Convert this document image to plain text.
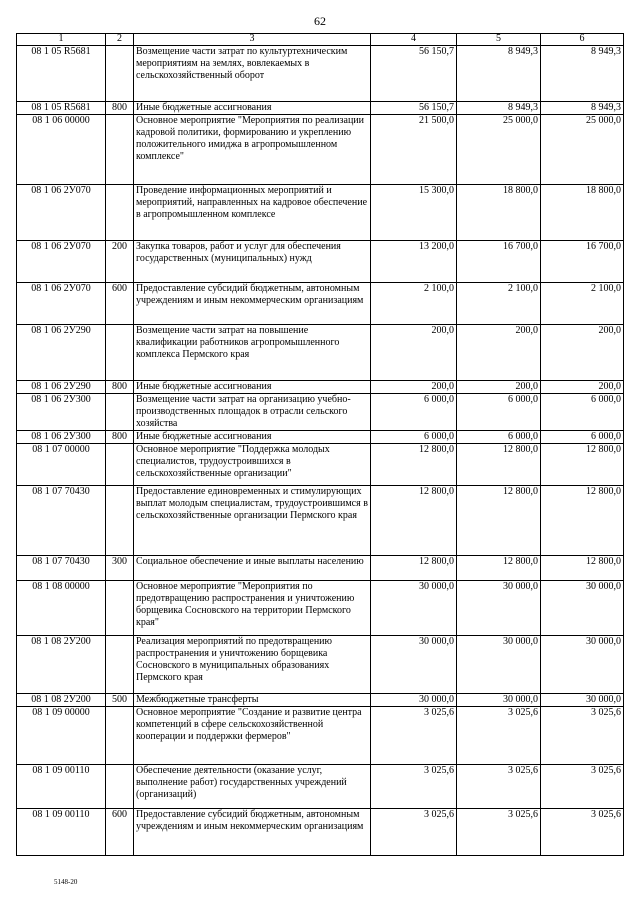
62
1	2	3	4	5	6
08 1 05 R5681		Возмещение части затрат по культуртехническим мероприятиям на землях, вовлекаемых в сельскохозяйственный оборот	56 150,7	8 949,3	8 949,3
08 1 05 R5681	800	Иные бюджетные ассигнования	56 150,7	8 949,3	8 949,3
08 1 06 00000		Основное мероприятие "Мероприятия по реализации кадровой политики, формированию и укреплению положительного имиджа в агропромышленном комплексе"	21 500,0	25 000,0	25 000,0
08 1 06 2У070		Проведение информационных мероприятий и мероприятий, направленных на кадровое обеспечение в агропромышленном комплексе	15 300,0	18 800,0	18 800,0
08 1 06 2У070	200	Закупка товаров, работ и услуг для обеспечения государственных (муниципальных) нужд	13 200,0	16 700,0	16 700,0
08 1 06 2У070	600	Предоставление субсидий бюджетным, автономным учреждениям и иным некоммерческим организациям	2 100,0	2 100,0	2 100,0
08 1 06 2У290		Возмещение части затрат на повышение квалификации работников агропромышленного комплекса Пермского края	200,0	200,0	200,0
08 1 06 2У290	800	Иные бюджетные ассигнования	200,0	200,0	200,0
08 1 06 2У300		Возмещение части затрат на организацию учебно-производственных площадок в отрасли сельского хозяйства	6 000,0	6 000,0	6 000,0
08 1 06 2У300	800	Иные бюджетные ассигнования	6 000,0	6 000,0	6 000,0
08 1 07 00000		Основное мероприятие "Поддержка молодых специалистов, трудоустроившихся в сельскохозяйственные организации"	12 800,0	12 800,0	12 800,0
08 1 07 70430		Предоставление единовременных и стимулирующих выплат молодым специалистам, трудоустроившимся в сельскохозяйственные организации Пермского края	12 800,0	12 800,0	12 800,0
08 1 07 70430	300	Социальное обеспечение и иные выплаты населению	12 800,0	12 800,0	12 800,0
08 1 08 00000		Основное мероприятие "Мероприятия по предотвращению распространения и уничтожению борщевика Сосновского на территории Пермского края"	30 000,0	30 000,0	30 000,0
08 1 08 2У200		Реализация мероприятий по предотвращению распространения и уничтожению борщевика Сосновского в муниципальных образованиях Пермского края	30 000,0	30 000,0	30 000,0
08 1 08 2У200	500	Межбюджетные трансферты	30 000,0	30 000,0	30 000,0
08 1 09 00000		Основное мероприятие "Создание и развитие центра компетенций в сфере сельскохозяйственной кооперации и поддержки фермеров"	3 025,6	3 025,6	3 025,6
08 1 09 00110		Обеспечение деятельности (оказание услуг, выполнение работ) государственных учреждений (организаций)	3 025,6	3 025,6	3 025,6
08 1 09 00110	600	Предоставление субсидий бюджетным, автономным учреждениям и иным некоммерческим организациям	3 025,6	3 025,6	3 025,6
5148-20
